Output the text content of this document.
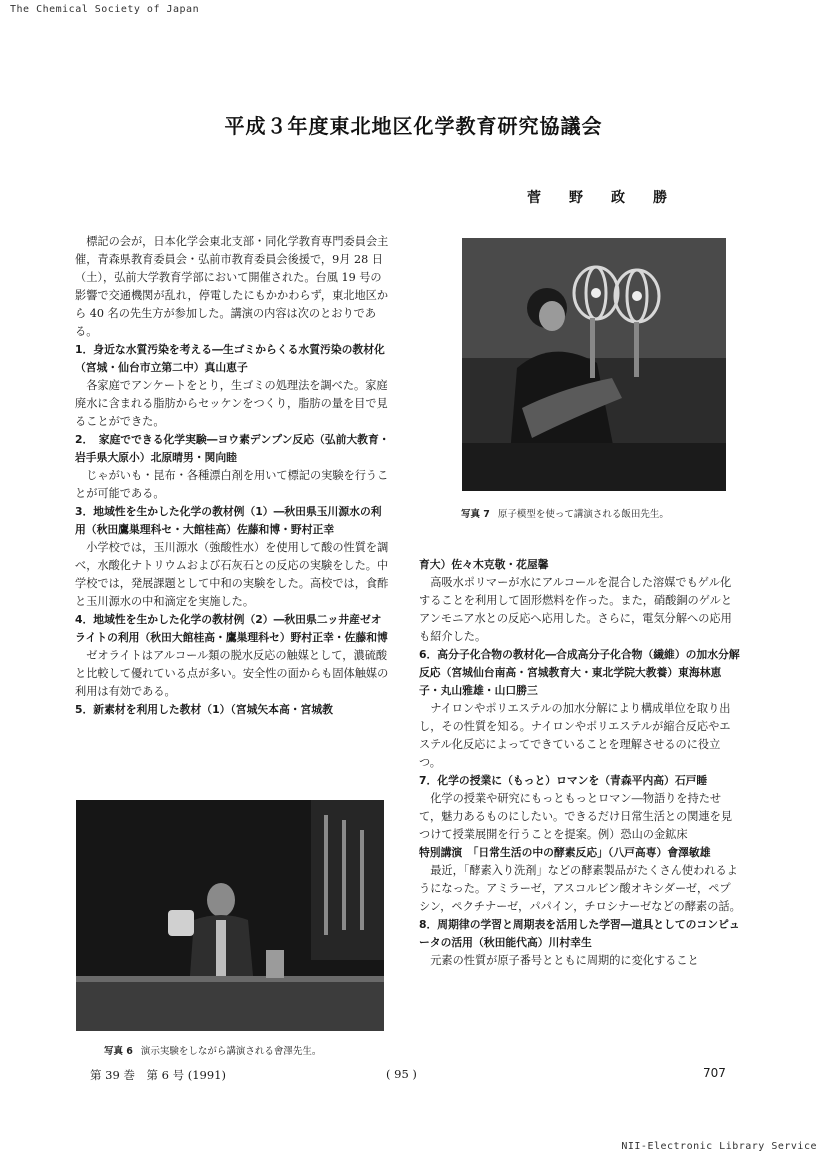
The Chemical Society of Japan
平成３年度東北地区化学教育研究協議会
菅野政勝

標記の会が，日本化学会東北支部・同化学教育専門委員会主催，青森県教育委員会・弘前市教育委員会後援で，9月 28 日（土），弘前大学教育学部において開催された。台風 19 号の影響で交通機関が乱れ，停電したにもかかわらず，東北地区から 40 名の先生方が参加した。講演の内容は次のとおりである。

1．身近な水質汚染を考える―生ゴミからくる水質汚染の教材化（宮城・仙台市立第二中）真山恵子

各家庭でアンケートをとり，生ゴミの処理法を調べた。家庭廃水に含まれる脂肪からセッケンをつくり，脂肪の量を目で見ることができた。

2．　家庭でできる化学実験―ヨウ素デンプン反応（弘前大教育・岩手県大原小）北原晴男・関向睦

じゃがいも・昆布・各種漂白剤を用いて標記の実験を行うことが可能である。

3．地域性を生かした化学の教材例（1）―秋田県玉川源水の利用（秋田鷹巣理科セ・大館桂高）佐藤和博・野村正幸

小学校では，玉川源水（強酸性水）を使用して酸の性質を調べ，水酸化ナトリウムおよび石灰石との反応の実験をした。中学校では，発展課題として中和の実験をした。高校では，食酢と玉川源水の中和滴定を実施した。

4．地域性を生かした化学の教材例（2）―秋田県二ッ井産ゼオライトの利用（秋田大館桂高・鷹巣理科セ）野村正幸・佐藤和博

ゼオライトはアルコール類の脱水反応の触媒として，濃硫酸と比較して優れている点が多い。安全性の面からも固体触媒の利用は有効である。

5．新素材を利用した教材（1）（宮城矢本高・宮城教

写真 7 原子模型を使って講演される飯田先生。

育大）佐々木克敬・花屋馨

高吸水ポリマーが水にアルコールを混合した溶媒でもゲル化することを利用して固形燃料を作った。また，硝酸銅のゲルとアンモニア水との反応へ応用した。さらに，電気分解への応用も紹介した。

6．高分子化合物の教材化―合成高分子化合物（繊維）の加水分解反応（宮城仙台南高・宮城教育大・東北学院大教養）東海林恵子・丸山雅雄・山口勝三

ナイロンやポリエステルの加水分解により構成単位を取り出し，その性質を知る。ナイロンやポリエステルが縮合反応やエステル化反応によってできていることを理解させるのに役立つ。

7．化学の授業に（もっと）ロマンを（青森平内高）石戸睡

化学の授業や研究にもっともっとロマン―物語りを持たせて，魅力あるものにしたい。できるだけ日常生活との関連を見つけて授業展開を行うことを提案。例）恐山の金鉱床

特別講演　「日常生活の中の酵素反応」（八戸高専）會澤敏雄

最近，「酵素入り洗剤」などの酵素製品がたくさん使われるようになった。アミラーゼ，アスコルビン酸オキシダーゼ，ペプシン，ペクチナーゼ，パパイン，チロシナーゼなどの酵素の話。

8．周期律の学習と周期表を活用した学習―道具としてのコンピュータの活用（秋田能代高）川村幸生

元素の性質が原子番号とともに周期的に変化すること

写真 6 演示実験をしながら講演される會澤先生。
第 39 巻　第 6 号 (1991)	( 95 )	707
NII-Electronic Library Service
